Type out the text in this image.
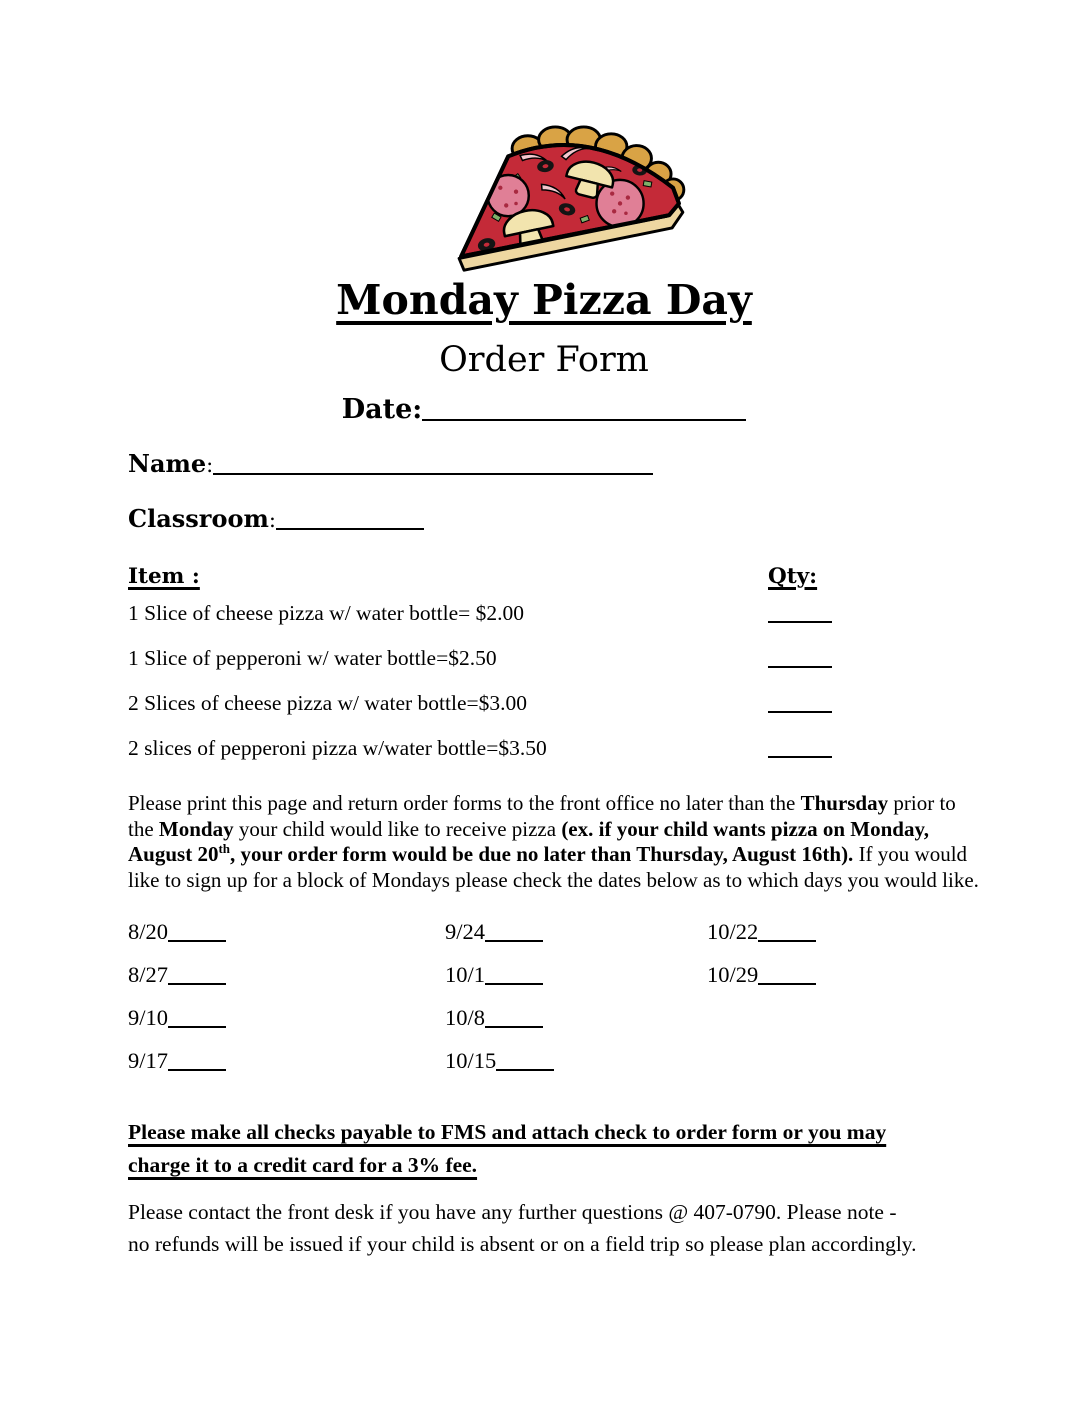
Monday Pizza Day
Order Form
Date:
Name:
Classroom:
Item :	Qty:
1 Slice of cheese pizza w/ water bottle= $2.00
1 Slice of pepperoni w/ water bottle=$2.50
2 Slices of cheese pizza w/ water bottle=$3.00
2 slices of pepperoni pizza w/water bottle=$3.50

Please print this page and return order forms to the front office no later than the Thursday prior to the Monday your child would like to receive pizza (ex. if your child wants pizza on Monday, August 20th, your order form would be due no later than Thursday, August 16th). If you would like to sign up for a block of Mondays please check the dates below as to which days you would like.

8/20	9/24	10/22
8/27	10/1	10/29
9/10	10/8
9/17	10/15
Please make all checks payable to FMS and attach check to order form or you may
charge it to a credit card for a 3% fee.
Please contact the front desk if you have any further questions @ 407-0790. Please note -
no refunds will be issued if your child is absent or on a field trip so please plan accordingly.
